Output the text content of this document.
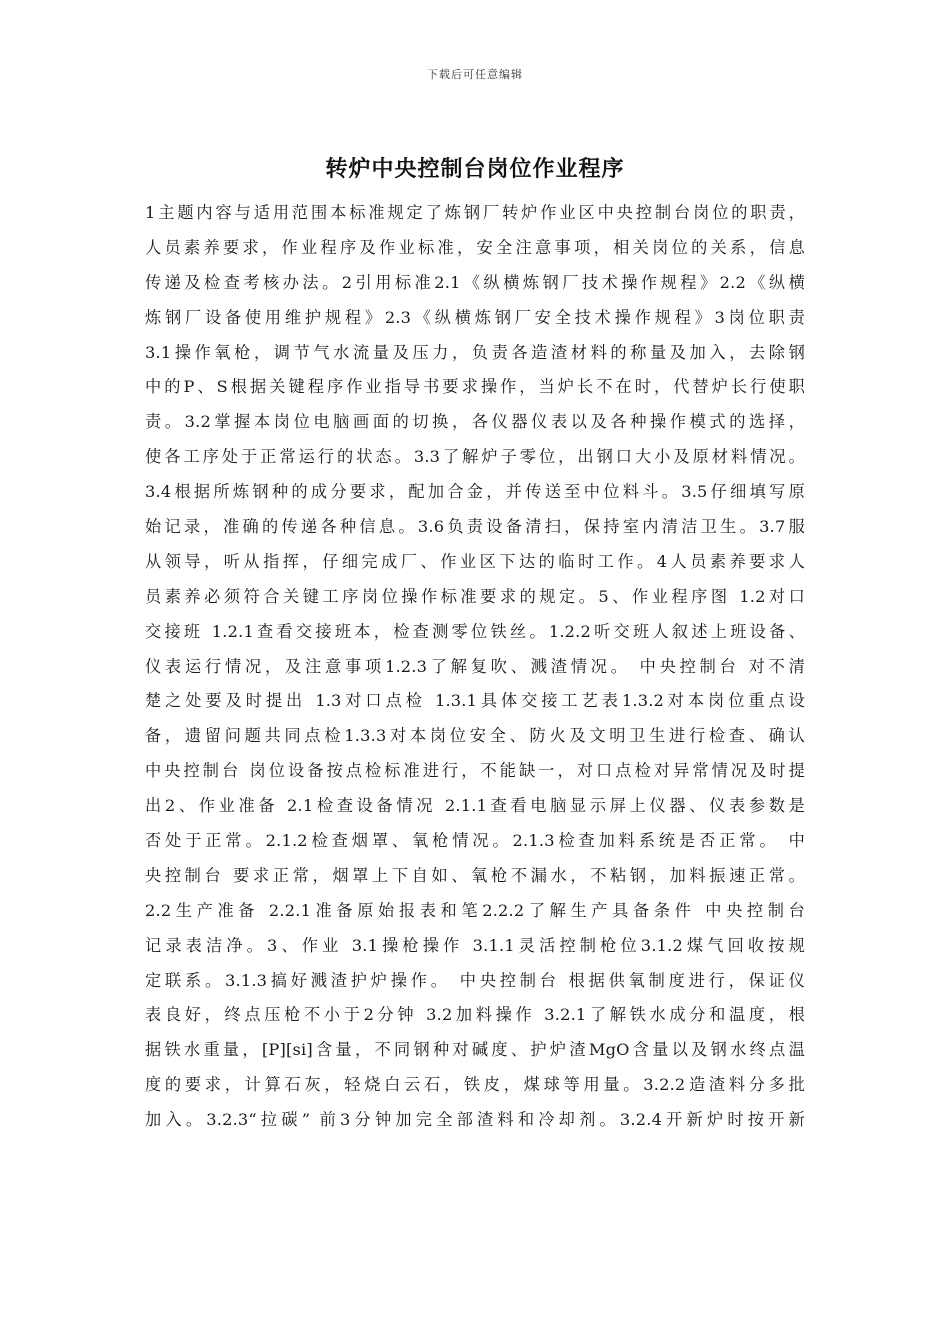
下载后可任意编辑
转炉中央控制台岗位作业程序
1主题内容与适用范围本标准规定了炼钢厂转炉作业区中央控制台岗位的职责，
人员素养要求，作业程序及作业标准，安全注意事项，相关岗位的关系，信息
传递及检查考核办法。2引用标准2.1《纵横炼钢厂技术操作规程》2.2《纵横
炼钢厂设备使用维护规程》2.3《纵横炼钢厂安全技术操作规程》3岗位职责
3.1操作氧枪，调节气水流量及压力，负责各造渣材料的称量及加入，去除钢
中的P、S根据关键程序作业指导书要求操作，当炉长不在时，代替炉长行使职
责。3.2掌握本岗位电脑画面的切换，各仪器仪表以及各种操作模式的选择，
使各工序处于正常运行的状态。3.3了解炉子零位，出钢口大小及原材料情况。
3.4根据所炼钢种的成分要求，配加合金，并传送至中位料斗。3.5仔细填写原
始记录，准确的传递各种信息。3.6负责设备清扫，保持室内清洁卫生。3.7服
从领导，听从指挥，仔细完成厂、作业区下达的临时工作。4人员素养要求人
员素养必须符合关键工序岗位操作标准要求的规定。5、作业程序图 1.2对口
交接班 1.2.1查看交接班本，检查测零位铁丝。1.2.2听交班人叙述上班设备、
仪表运行情况，及注意事项1.2.3了解复吹、溅渣情况。 中央控制台 对不清
楚之处要及时提出 1.3对口点检 1.3.1具体交接工艺表1.3.2对本岗位重点设
备，遗留问题共同点检1.3.3对本岗位安全、防火及文明卫生进行检查、确认
中央控制台 岗位设备按点检标准进行，不能缺一，对口点检对异常情况及时提
出2、作业准备 2.1检查设备情况 2.1.1查看电脑显示屏上仪器、仪表参数是
否处于正常。2.1.2检查烟罩、氧枪情况。2.1.3检查加料系统是否正常。 中
央控制台 要求正常，烟罩上下自如、氧枪不漏水，不粘钢，加料振速正常。
2.2生产准备 2.2.1准备原始报表和笔2.2.2了解生产具备条件 中央控制台
记录表洁净。3、作业 3.1操枪操作 3.1.1灵活控制枪位3.1.2煤气回收按规
定联系。3.1.3搞好溅渣护炉操作。 中央控制台 根据供氧制度进行，保证仪
表良好，终点压枪不小于2分钟 3.2加料操作 3.2.1了解铁水成分和温度，根
据铁水重量，[P][si]含量，不同钢种对碱度、护炉渣MgO含量以及钢水终点温
度的要求，计算石灰，轻烧白云石，铁皮，煤球等用量。3.2.2造渣料分多批
加入。3.2.3“拉碳” 前3分钟加完全部渣料和冷却剂。3.2.4开新炉时按开新
